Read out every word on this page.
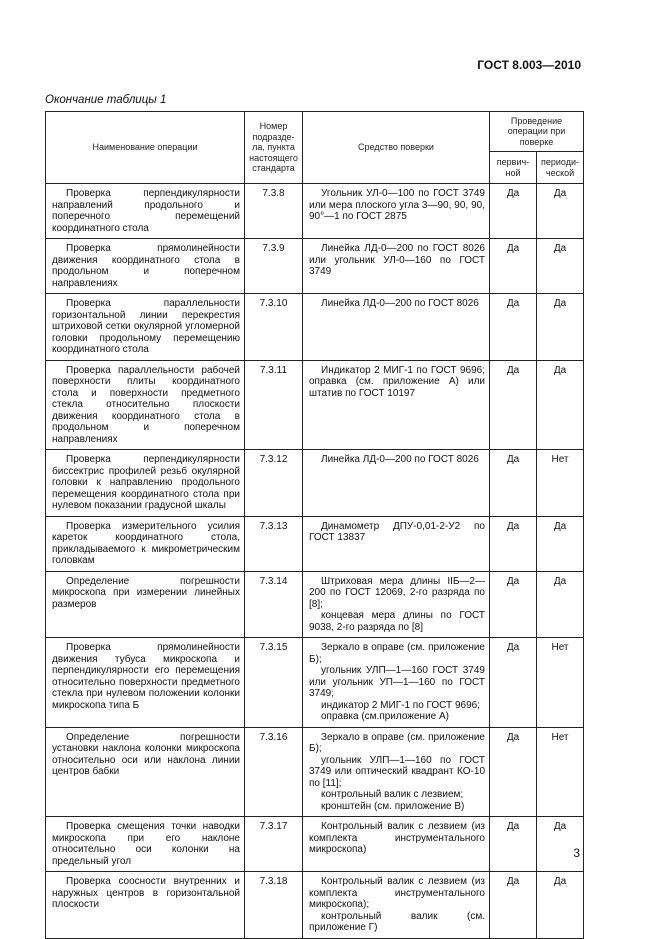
ГОСТ 8.003—2010
Окончание таблицы 1
Наименование операции	Номер подразде-ла, пункта настоящего стандарта	Средство поверки	Проведение операции при поверке	
			первич-ной	периоди-ческой

Проверка перпендикулярности направлений продольного и поперечного перемещений координатного стола	7.3.8	Угольник УЛ-0—100 по ГОСТ 3749 или мера плоского угла 3—90, 90, 90, 90°—1 по ГОСТ 2875	Да	Да

Проверка прямолинейности движения координатного стола в продольном и поперечном направлениях	7.3.9	Линейка ЛД-0—200 по ГОСТ 8026 или угольник УЛ-0—160 по ГОСТ 3749	Да	Да

Проверка параллельности горизонтальной линии перекрестия штриховой сетки окулярной угломерной головки продольному перемещению координатного стола	7.3.10	Линейка ЛД-0—200 по ГОСТ 8026	Да	Да

Проверка параллельности рабочей поверхности плиты координатного стола и поверхности предметного стекла относительно плоскости движения координатного стола в продольном и поперечном направлениях	7.3.11	Индикатор 2 МИГ-1 по ГОСТ 9696; оправка (см. приложение А) или штатив по ГОСТ 10197	Да	Да

Проверка перпендикулярности биссектрис профилей резьб окулярной головки к направлению продольного перемещения координатного стола при нулевом показании градусной шкалы	7.3.12	Линейка ЛД-0—200 по ГОСТ 8026	Да	Нет

Проверка измерительного усилия кареток координатного стола, прикладываемого к микрометрическим головкам	7.3.13	Динамометр ДПУ-0,01-2-У2 по ГОСТ 13837	Да	Да

Определение погрешности микроскопа при измерении линейных размеров	7.3.14	Штриховая мера длины IIБ—2—200 по ГОСТ 12069, 2-го разряда по [8];
концевая мера длины по ГОСТ 9038, 2-го разряда по [8]	Да	Да

Проверка прямолинейности движения тубуса микроскопа и перпендикулярности его перемещения относительно поверхности предметного стекла при нулевом положении колонки микроскопа типа Б	7.3.15	Зеркало в оправе (см. приложение Б);
угольник УЛП—1—160 ГОСТ 3749 или угольник УП—1—160 по ГОСТ 3749;
индикатор 2 МИГ-1 по ГОСТ 9696;
оправка (см.приложение А)	Да	Нет

Определение погрешности установки наклона колонки микроскопа относительно оси или наклона линии центров бабки	7.3.16	Зеркало в оправе (см. приложение Б);
угольник УЛП—1—160 по ГОСТ 3749 или оптический квадрант КО-10 по [11];
контрольный валик с лезвием;
кронштейн (см. приложение В)	Да	Нет

Проверка смещения точки наводки микроскопа при его наклоне относительно оси колонки на предельный угол	7.3.17	Контрольный валик с лезвием (из комплекта инструментального микроскопа)	Да	Да

Проверка соосности внутренних и наружных центров в горизонтальной плоскости	7.3.18	Контрольный валик с лезвием (из комплекта инструментального микроскопа);
контрольный валик (см. приложение Г)	Да	Да
3
